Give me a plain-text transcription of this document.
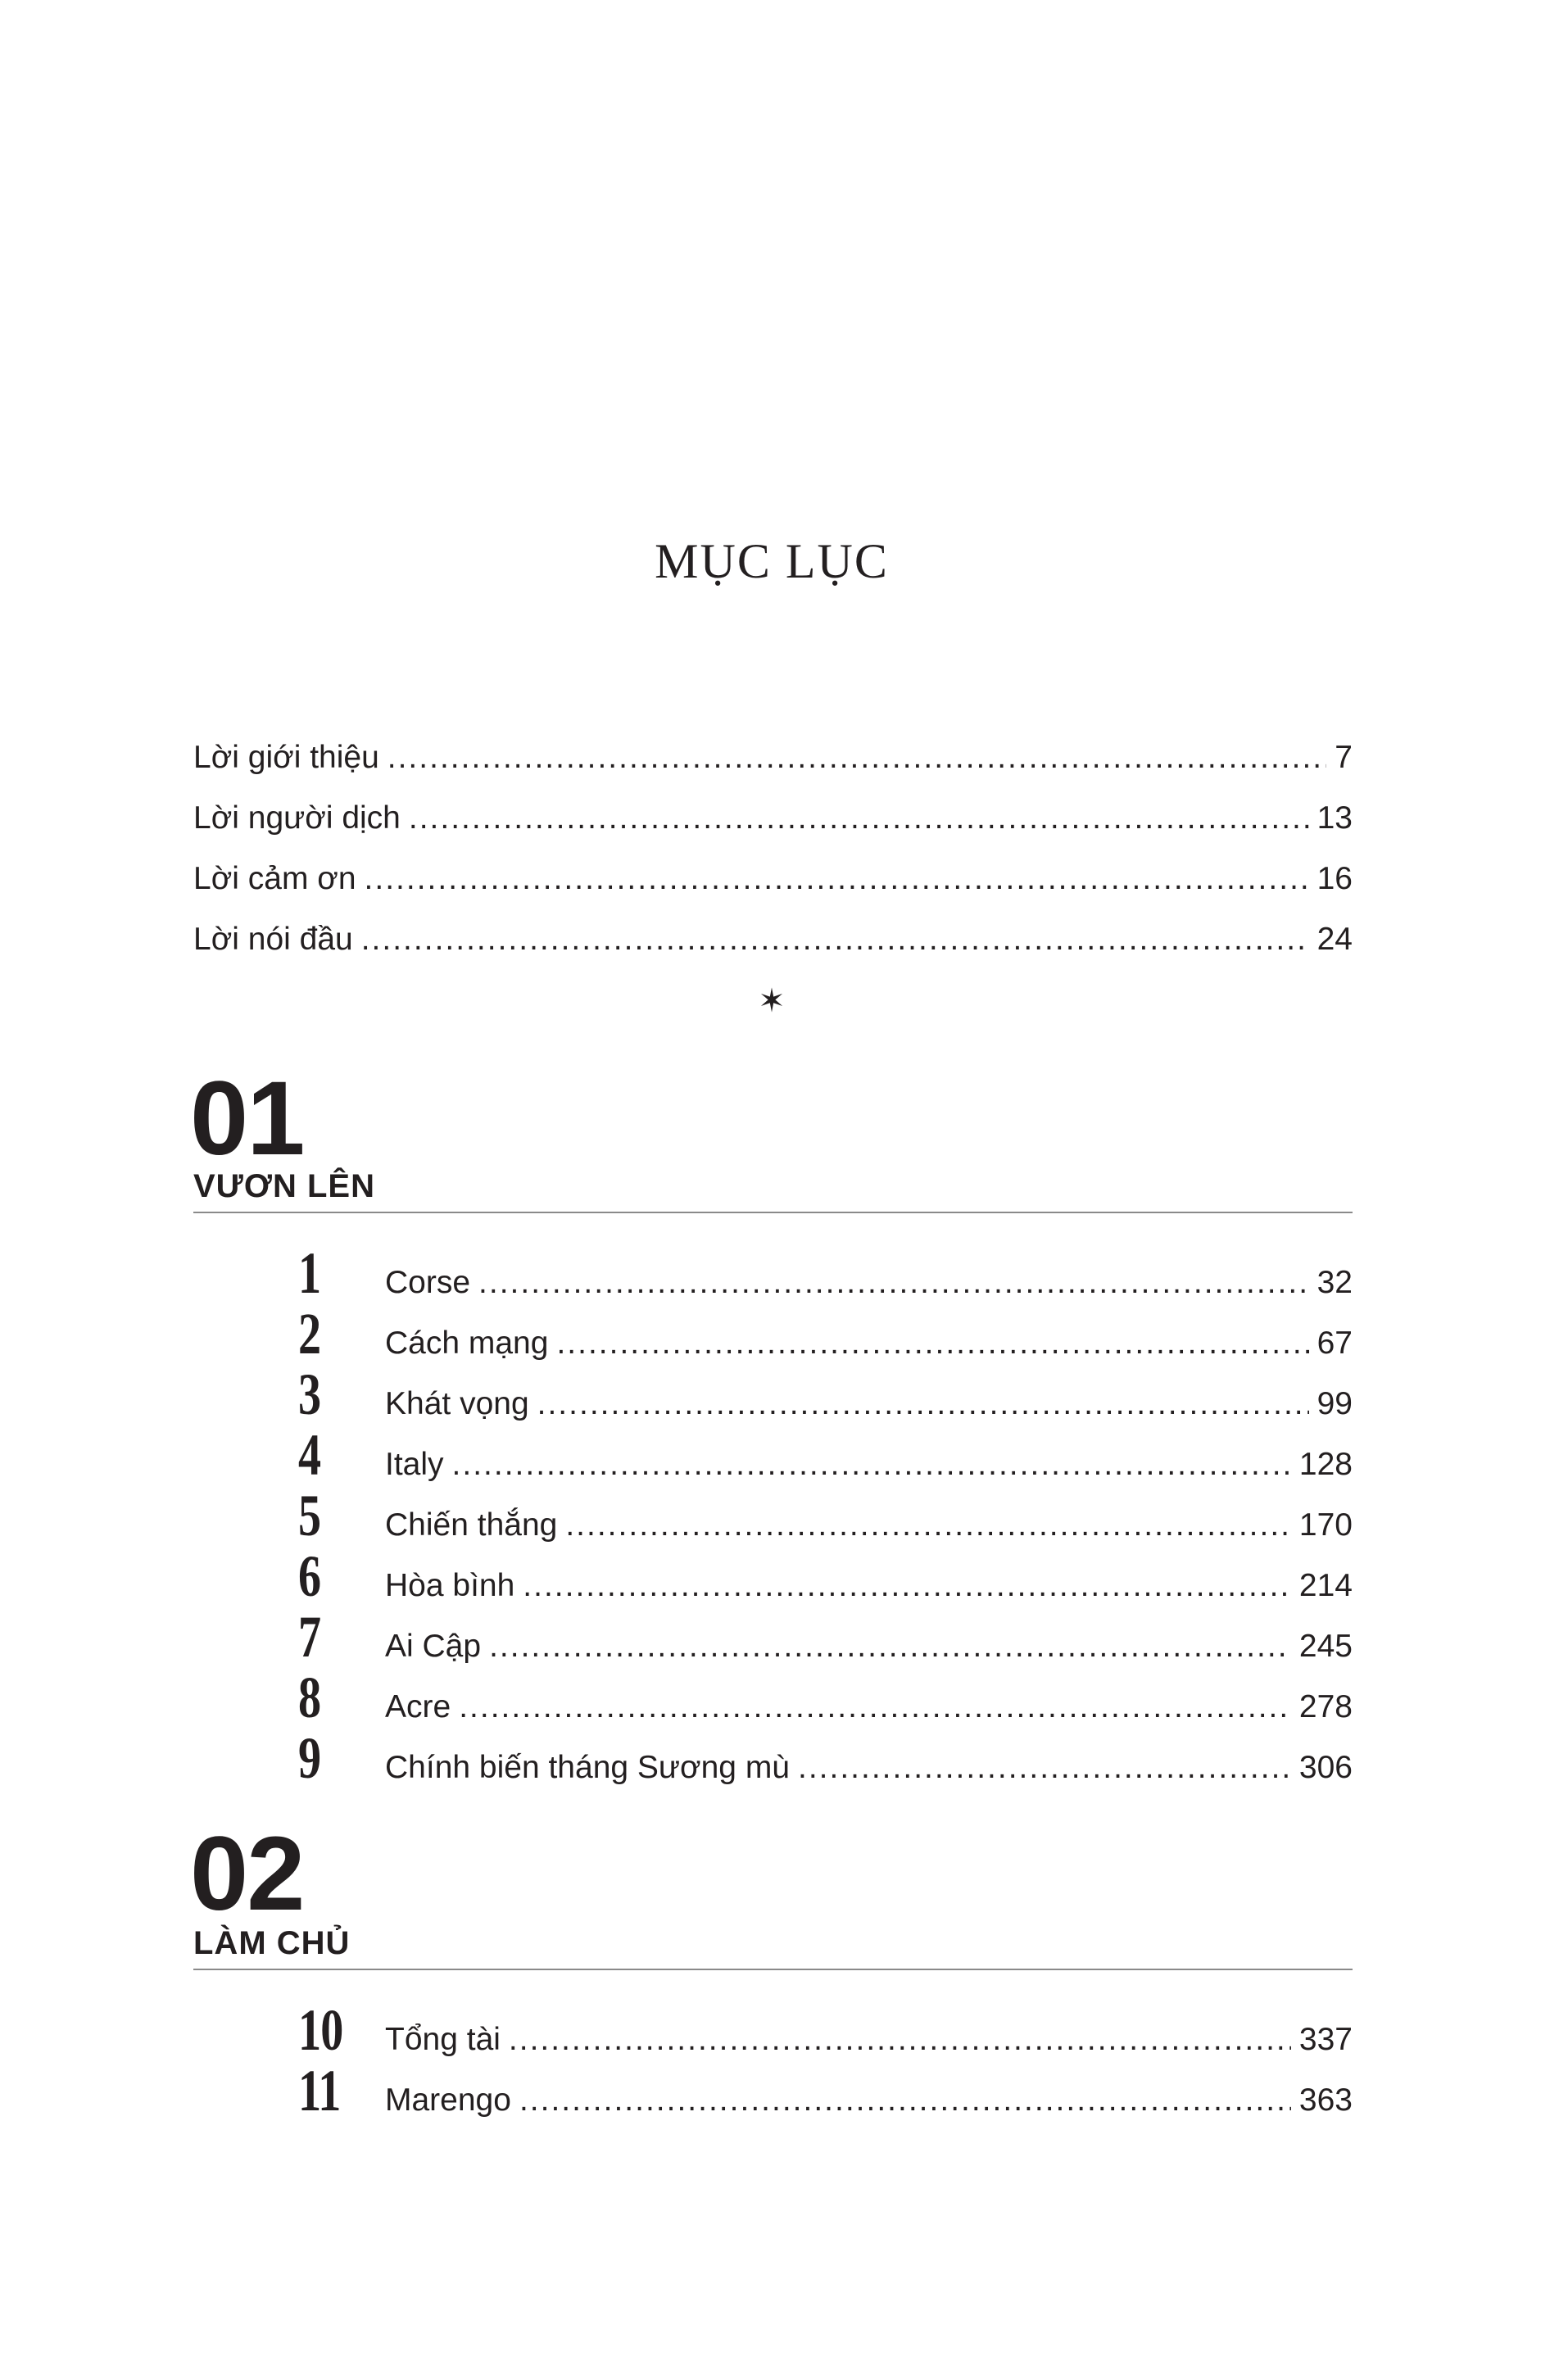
MỤC LỤC
Lời giới thiệu .....	7
Lời người dịch .....	13
Lời cảm ơn .....	16
Lời nói đầu .....	24
✶
01
VƯƠN LÊN
1	Corse .....	32
2	Cách mạng .....	67
3	Khát vọng .....	99
4	Italy .....	128
5	Chiến thắng .....	170
6	Hòa bình .....	214
7	Ai Cập .....	245
8	Acre .....	278
9	Chính biến tháng Sương mù .....	306
02
LÀM CHỦ
10	Tổng tài .....	337
11	Marengo .....	363
